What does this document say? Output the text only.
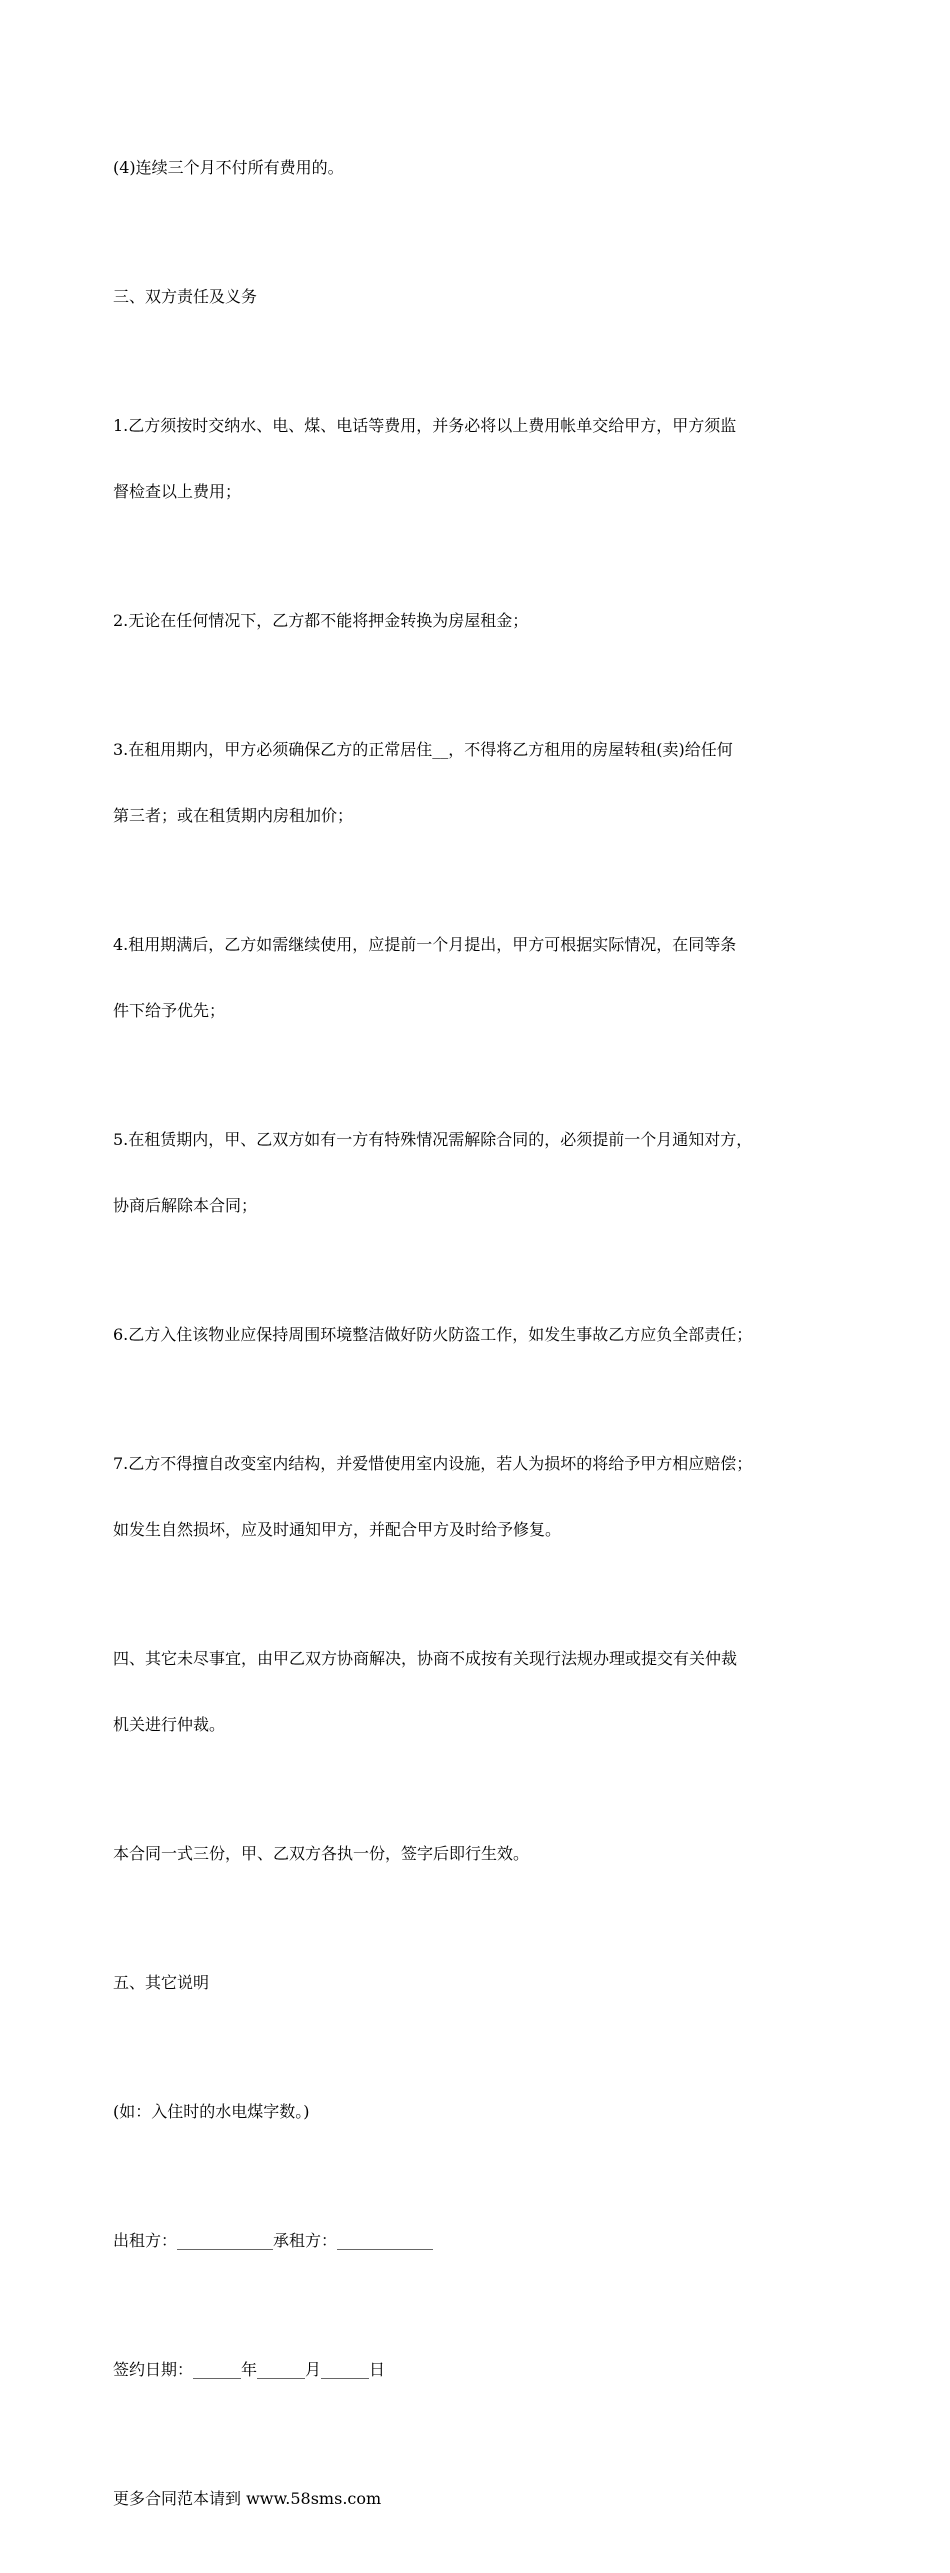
(4)连续三个月不付所有费用的。

三、双方责任及义务

1.乙方须按时交纳水、电、煤、电话等费用，并务必将以上费用帐单交给甲方，甲方须监

督检查以上费用；

2.无论在任何情况下，乙方都不能将押金转换为房屋租金；

3.在租用期内，甲方必须确保乙方的正常居住__，不得将乙方租用的房屋转租(卖)给任何

第三者；或在租赁期内房租加价；

4.租用期满后，乙方如需继续使用，应提前一个月提出，甲方可根据实际情况，在同等条

件下给予优先；

5.在租赁期内，甲、乙双方如有一方有特殊情况需解除合同的，必须提前一个月通知对方，

协商后解除本合同；

6.乙方入住该物业应保持周围环境整洁做好防火防盗工作，如发生事故乙方应负全部责任；

7.乙方不得擅自改变室内结构，并爱惜使用室内设施，若人为损坏的将给予甲方相应赔偿；

如发生自然损坏，应及时通知甲方，并配合甲方及时给予修复。

四、其它未尽事宜，由甲乙双方协商解决，协商不成按有关现行法规办理或提交有关仲裁

机关进行仲裁。

本合同一式三份，甲、乙双方各执一份，签字后即行生效。

五、其它说明

(如：入住时的水电煤字数。)

出租方：____________承租方：____________

签约日期：______年______月______日

更多合同范本请到 www.58sms.com
